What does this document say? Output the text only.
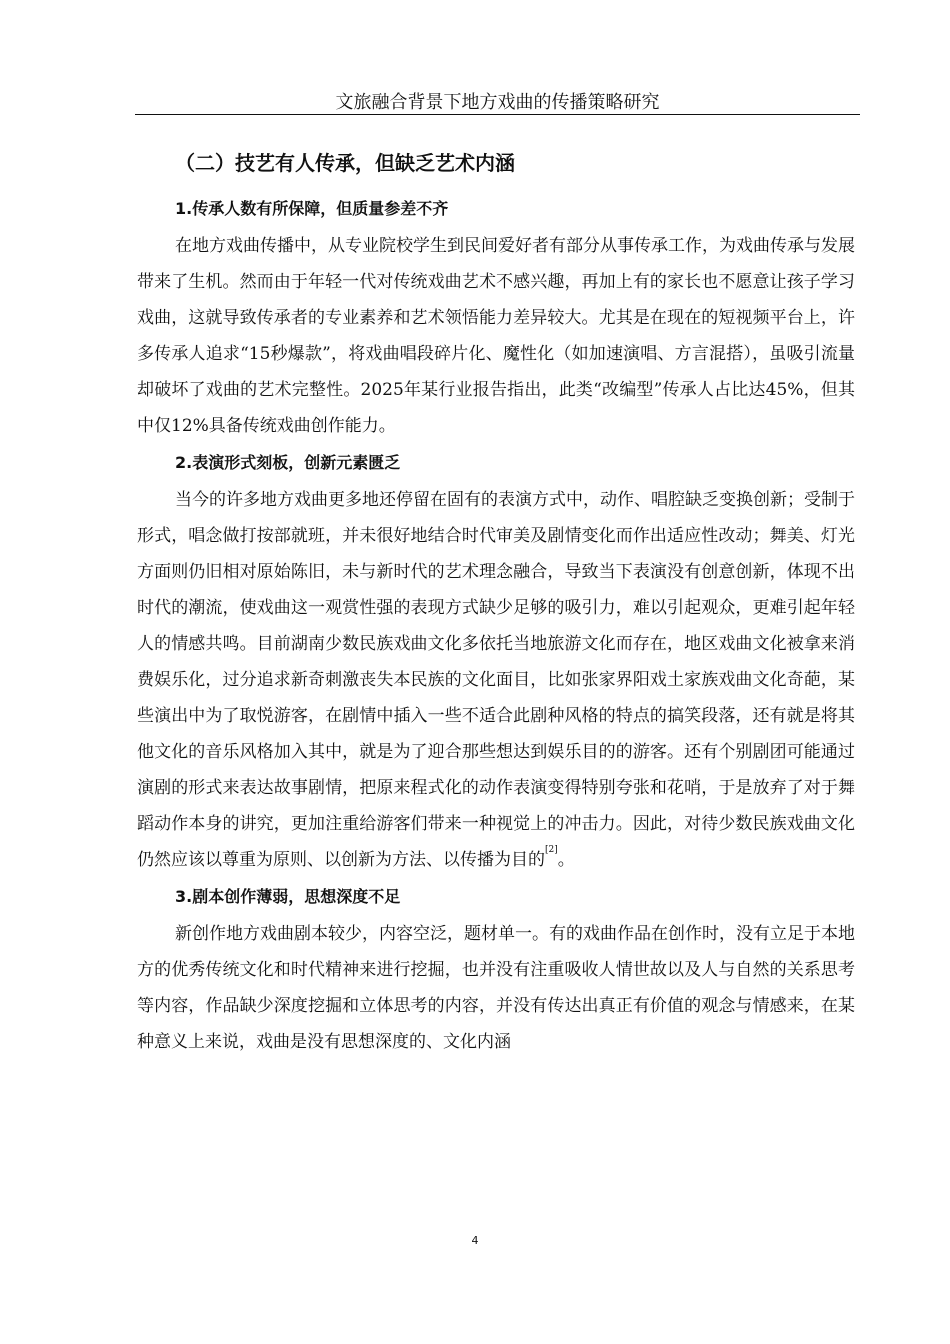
文旅融合背景下地方戏曲的传播策略研究
（二）技艺有人传承，但缺乏艺术内涵
1.传承人数有所保障，但质量参差不齐

在地方戏曲传播中，从专业院校学生到民间爱好者有部分从事传承工作，为戏曲传承与发展带来了生机。然而由于年轻一代对传统戏曲艺术不感兴趣，再加上有的家长也不愿意让孩子学习戏曲，这就导致传承者的专业素养和艺术领悟能力差异较大。尤其是在现在的短视频平台上，许多传承人追求“15秒爆款”，将戏曲唱段碎片化、魔性化（如加速演唱、方言混搭），虽吸引流量却破坏了戏曲的艺术完整性。2025年某行业报告指出，此类“改编型”传承人占比达45%，但其中仅12%具备传统戏曲创作能力。

2.表演形式刻板，创新元素匮乏

当今的许多地方戏曲更多地还停留在固有的表演方式中，动作、唱腔缺乏变换创新；受制于形式，唱念做打按部就班，并未很好地结合时代审美及剧情变化而作出适应性改动；舞美、灯光方面则仍旧相对原始陈旧，未与新时代的艺术理念融合，导致当下表演没有创意创新，体现不出时代的潮流，使戏曲这一观赏性强的表现方式缺少足够的吸引力，难以引起观众，更难引起年轻人的情感共鸣。目前湖南少数民族戏曲文化多依托当地旅游文化而存在，地区戏曲文化被拿来消费娱乐化，过分追求新奇刺激丧失本民族的文化面目，比如张家界阳戏土家族戏曲文化奇葩，某些演出中为了取悦游客，在剧情中插入一些不适合此剧种风格的特点的搞笑段落，还有就是将其他文化的音乐风格加入其中，就是为了迎合那些想达到娱乐目的的游客。还有个别剧团可能通过演剧的形式来表达故事剧情，把原来程式化的动作表演变得特别夸张和花哨，于是放弃了对于舞蹈动作本身的讲究，更加注重给游客们带来一种视觉上的冲击力。因此，对待少数民族戏曲文化仍然应该以尊重为原则、以创新为方法、以传播为目的[2]。

3.剧本创作薄弱，思想深度不足

新创作地方戏曲剧本较少，内容空泛，题材单一。有的戏曲作品在创作时，没有立足于本地方的优秀传统文化和时代精神来进行挖掘，也并没有注重吸收人情世故以及人与自然的关系思考等内容，作品缺少深度挖掘和立体思考的内容，并没有传达出真正有价值的观念与情感来，在某种意义上来说，戏曲是没有思想深度的、文化内涵

4
